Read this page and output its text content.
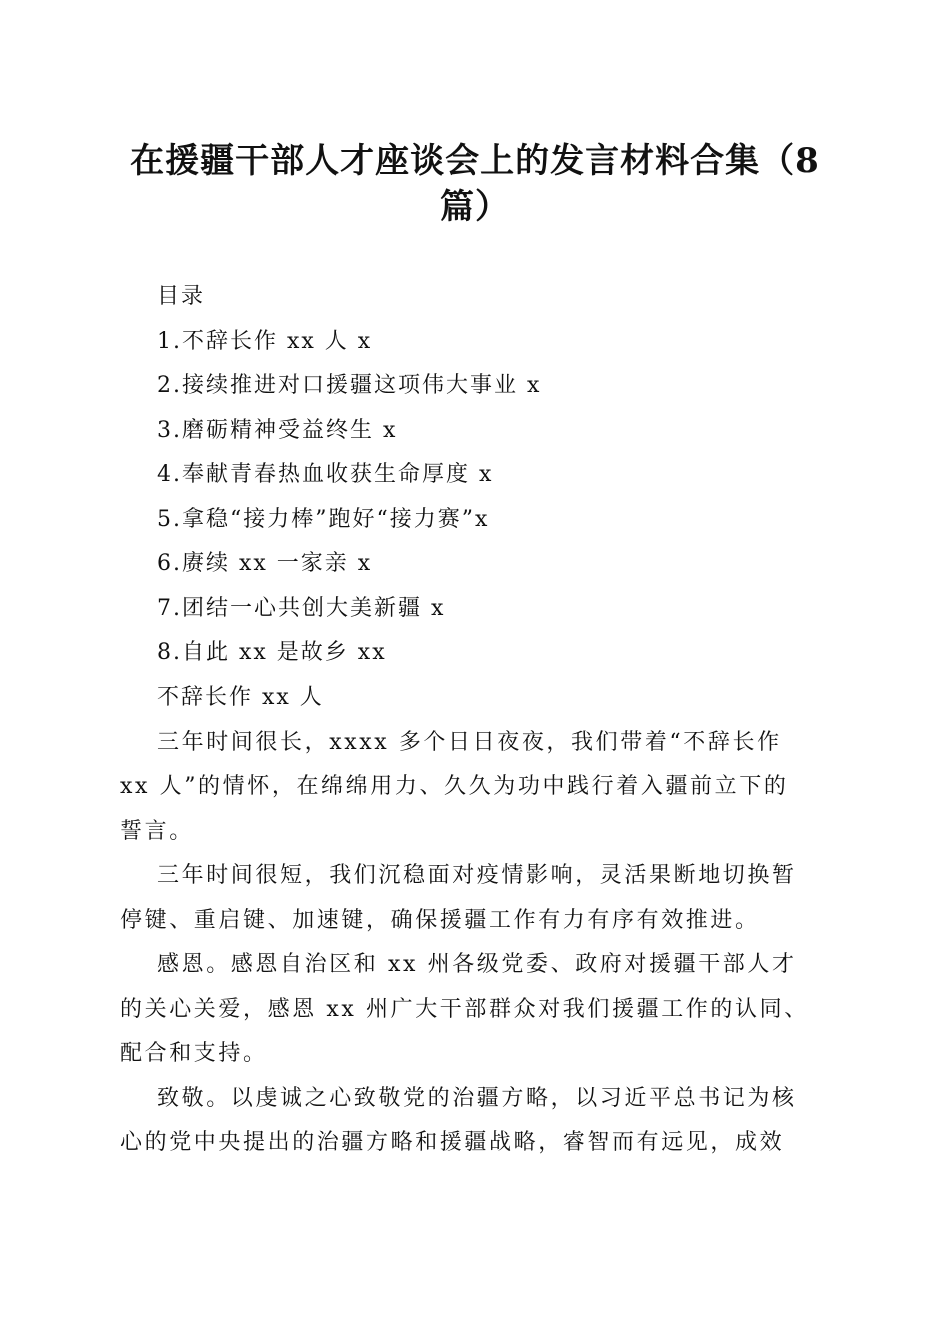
在援疆干部人才座谈会上的发言材料合集（8
篇）
目录
1.不辞长作 xx 人 x
2.接续推进对口援疆这项伟大事业 x
3.磨砺精神受益终生 x
4.奉献青春热血收获生命厚度 x
5.拿稳“接力棒”跑好“接力赛”x
6.赓续 xx 一家亲 x
7.团结一心共创大美新疆 x
8.自此 xx 是故乡 xx
不辞长作 xx 人
三年时间很长，xxxx 多个日日夜夜，我们带着“不辞长作
xx 人”的情怀，在绵绵用力、久久为功中践行着入疆前立下的
誓言。
三年时间很短，我们沉稳面对疫情影响，灵活果断地切换暂
停键、重启键、加速键，确保援疆工作有力有序有效推进。
感恩。感恩自治区和 xx 州各级党委、政府对援疆干部人才
的关心关爱，感恩 xx 州广大干部群众对我们援疆工作的认同、
配合和支持。
致敬。以虔诚之心致敬党的治疆方略，以习近平总书记为核
心的党中央提出的治疆方略和援疆战略，睿智而有远见，成效
